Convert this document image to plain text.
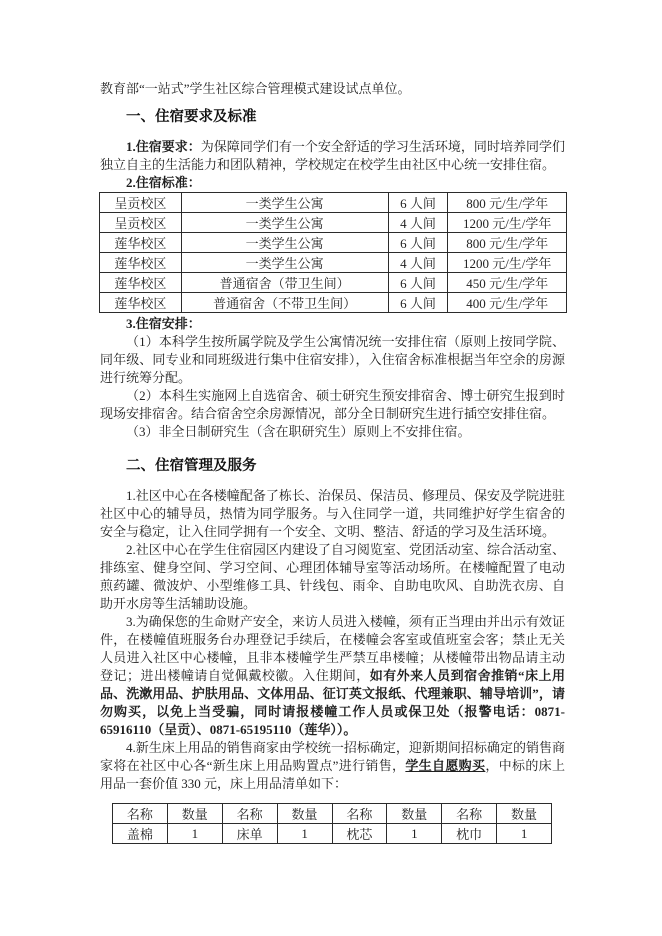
教育部“一站式”学生社区综合管理模式建设试点单位。

一、住宿要求及标准

1.住宿要求：为保障同学们有一个安全舒适的学习生活环境，同时培养同学们独立自主的生活能力和团队精神，学校规定在校学生由社区中心统一安排住宿。

2.住宿标准：

呈贡校区	一类学生公寓	6 人间	800 元/生/学年
呈贡校区	一类学生公寓	4 人间	1200 元/生/学年
莲华校区	一类学生公寓	6 人间	800 元/生/学年
莲华校区	一类学生公寓	4 人间	1200 元/生/学年
莲华校区	普通宿舍（带卫生间）	6 人间	450 元/生/学年
莲华校区	普通宿舍（不带卫生间）	6 人间	400 元/生/学年

3.住宿安排：

（1）本科学生按所属学院及学生公寓情况统一安排住宿（原则上按同学院、同年级、同专业和同班级进行集中住宿安排），入住宿舍标准根据当年空余的房源进行统筹分配。

（2）本科生实施网上自选宿舍、硕士研究生预安排宿舍、博士研究生报到时现场安排宿舍。结合宿舍空余房源情况，部分全日制研究生进行插空安排住宿。

（3）非全日制研究生（含在职研究生）原则上不安排住宿。

二、住宿管理及服务

1.社区中心在各楼幢配备了栋长、治保员、保洁员、修理员、保安及学院进驻社区中心的辅导员，热情为同学服务。与入住同学一道，共同维护好学生宿舍的安全与稳定，让入住同学拥有一个安全、文明、整洁、舒适的学习及生活环境。

2.社区中心在学生住宿园区内建设了自习阅览室、党团活动室、综合活动室、排练室、健身空间、学习空间、心理团体辅导室等活动场所。在楼幢配置了电动煎药罐、微波炉、小型维修工具、针线包、雨伞、自助电吹风、自助洗衣房、自助开水房等生活辅助设施。

3.为确保您的生命财产安全，来访人员进入楼幢，须有正当理由并出示有效证件，在楼幢值班服务台办理登记手续后，在楼幢会客室或值班室会客；禁止无关人员进入社区中心楼幢，且非本楼幢学生严禁互串楼幢；从楼幢带出物品请主动登记；进出楼幢请自觉佩戴校徽。入住期间，如有外来人员到宿舍推销“床上用品、洗漱用品、护肤用品、文体用品、征订英文报纸、代理兼职、辅导培训”，请勿购买，以免上当受骗，同时请报楼幢工作人员或保卫处（报警电话：0871-65916110（呈贡）、0871-65195110（莲华））。

4.新生床上用品的销售商家由学校统一招标确定，迎新期间招标确定的销售商家将在社区中心各“新生床上用品购置点”进行销售，学生自愿购买，中标的床上用品一套价值 330 元，床上用品清单如下：

名称	数量	名称	数量	名称	数量	名称	数量
盖棉	1	床单	1	枕芯	1	枕巾	1
